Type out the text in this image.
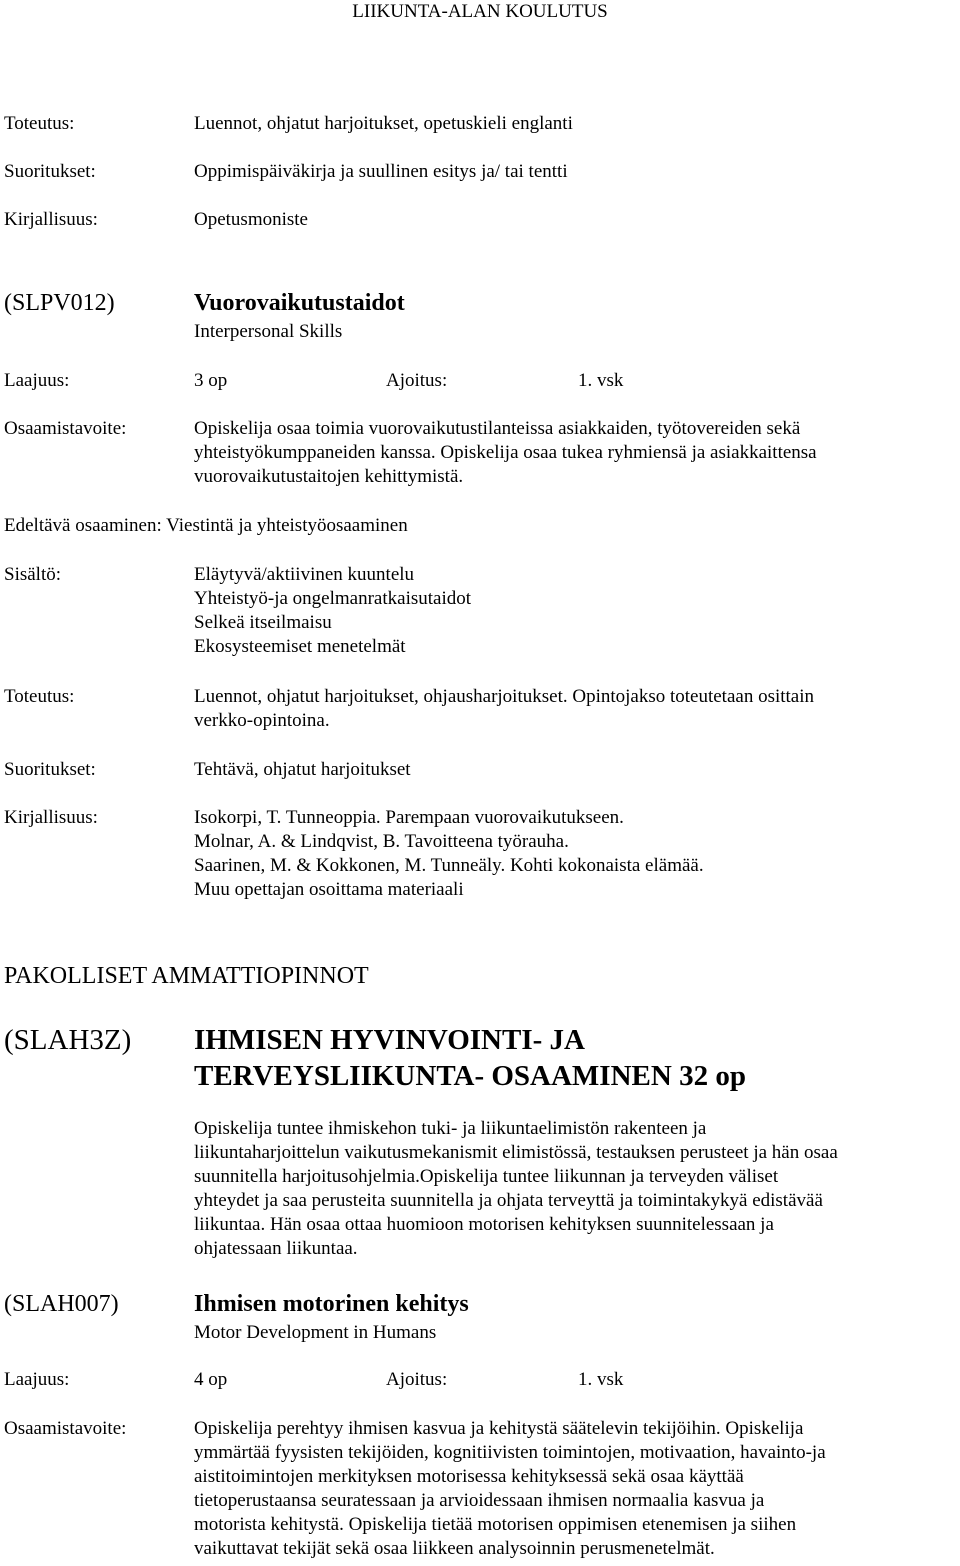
LIIKUNTA-ALAN KOULUTUS
Toteutus:	Luennot, ohjatut harjoitukset, opetuskieli englanti
Suoritukset:	Oppimispäiväkirja ja suullinen esitys ja/ tai tentti
Kirjallisuus:	Opetusmoniste
(SLPV012)	Vuorovaikutustaidot
Interpersonal Skills
Laajuus:	3 op	Ajoitus:	1. vsk
Osaamistavoite:	Opiskelija osaa toimia vuorovaikutustilanteissa asiakkaiden, työtovereiden sekä
yhteistyökumppaneiden kanssa. Opiskelija osaa tukea ryhmiensä ja asiakkaittensa
vuorovaikutustaitojen kehittymistä.
Edeltävä osaaminen: Viestintä ja yhteistyöosaaminen
Sisältö:	Eläytyvä/aktiivinen kuuntelu
Yhteistyö-ja ongelmanratkaisutaidot
Selkeä itseilmaisu
Ekosysteemiset menetelmät
Toteutus:	Luennot, ohjatut harjoitukset, ohjausharjoitukset. Opintojakso toteutetaan osittain
verkko-opintoina.
Suoritukset:	Tehtävä, ohjatut harjoitukset
Kirjallisuus:	Isokorpi, T. Tunneoppia. Parempaan vuorovaikutukseen.
Molnar, A. & Lindqvist, B. Tavoitteena työrauha.
Saarinen, M. & Kokkonen, M. Tunneäly. Kohti kokonaista elämää.
Muu opettajan osoittama materiaali
PAKOLLISET AMMATTIOPINNOT
(SLAH3Z) IHMISEN HYVINVOINTI- JA
TERVEYSLIIKUNTA- OSAAMINEN 32 op
Opiskelija tuntee ihmiskehon tuki- ja liikuntaelimistön rakenteen ja
liikuntaharjoittelun vaikutusmekanismit elimistössä, testauksen perusteet ja hän osaa
suunnitella harjoitusohjelmia.Opiskelija tuntee liikunnan ja terveyden väliset
yhteydet ja saa perusteita suunnitella ja ohjata terveyttä ja toimintakykyä edistävää
liikuntaa. Hän osaa ottaa huomioon motorisen kehityksen suunnitelessaan ja
ohjatessaan liikuntaa.
(SLAH007)	Ihmisen motorinen kehitys
Motor Development in Humans
Laajuus:	4 op	Ajoitus:	1. vsk
Osaamistavoite:	Opiskelija perehtyy ihmisen kasvua ja kehitystä säätelevin tekijöihin. Opiskelija
ymmärtää fyysisten tekijöiden, kognitiivisten toimintojen, motivaation, havainto-ja
aistitoimintojen merkityksen motorisessa kehityksessä sekä osaa käyttää
tietoperustaansa seuratessaan ja arvioidessaan ihmisen normaalia kasvua ja
motorista kehitystä. Opiskelija tietää motorisen oppimisen etenemisen ja siihen
vaikuttavat tekijät sekä osaa liikkeen analysoinnin perusmenetelmät.
